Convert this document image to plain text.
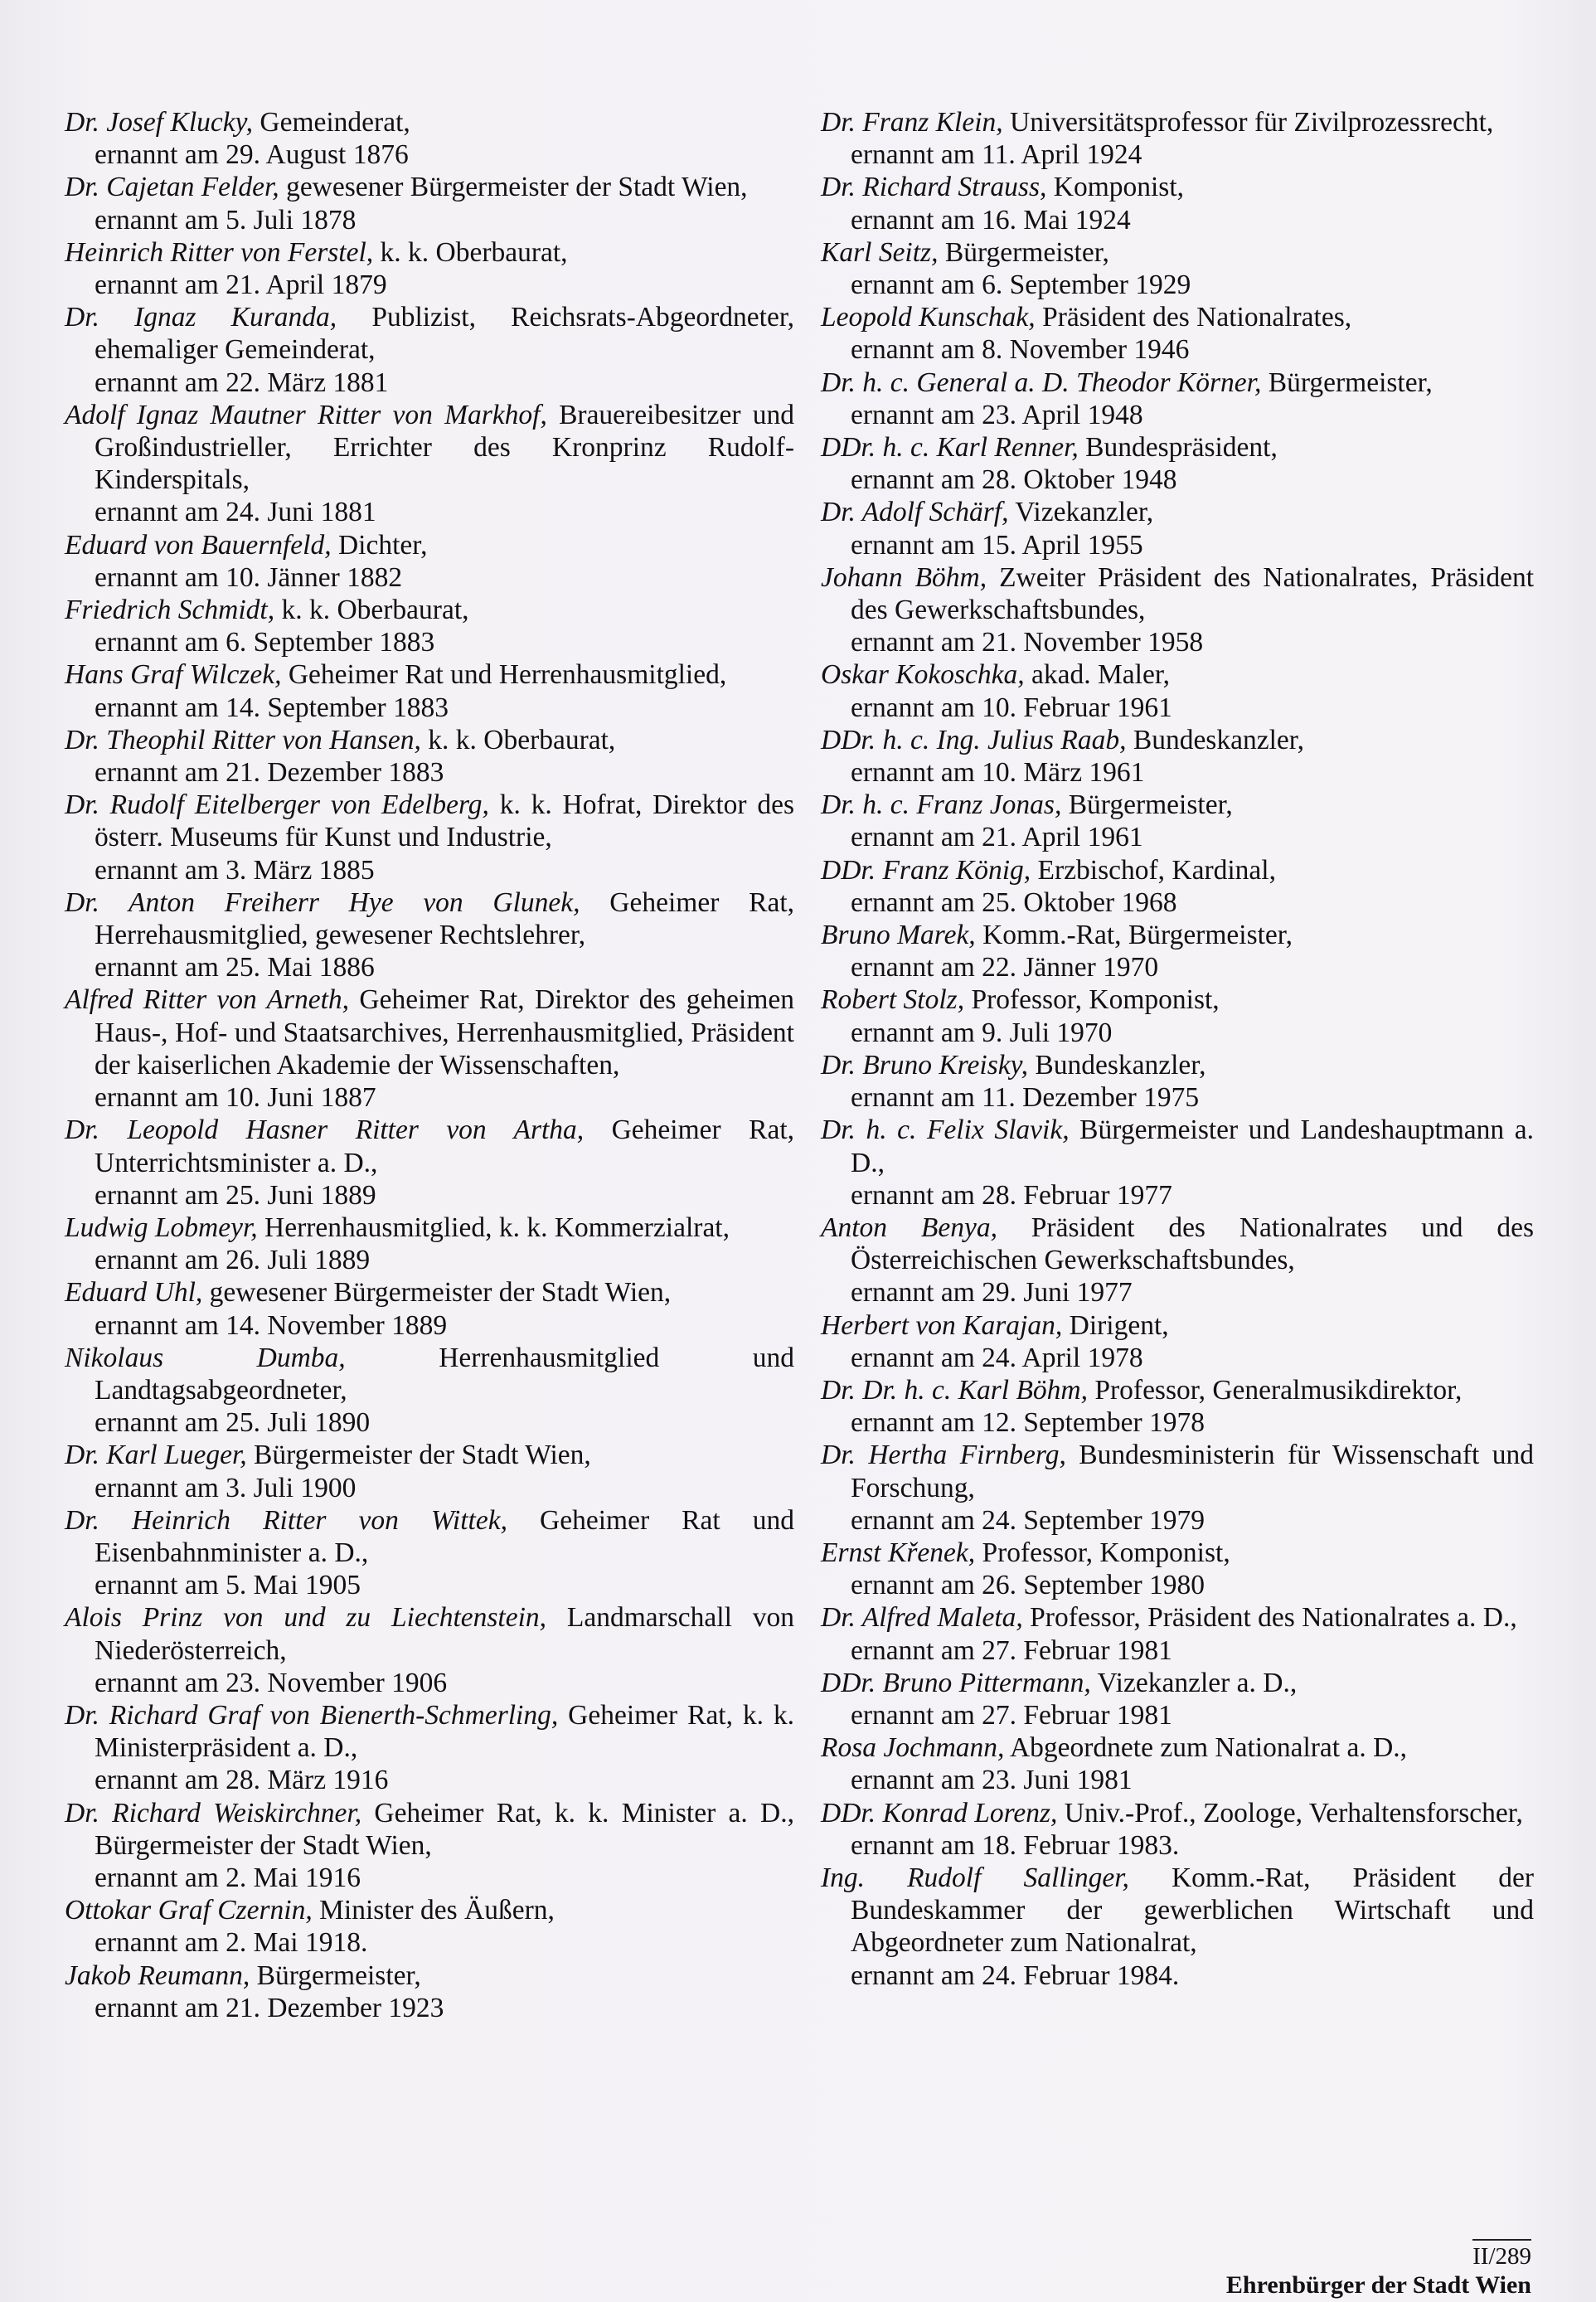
Dr. Josef Klucky, Gemeinderat,

ernannt am 29. August 1876

Dr. Cajetan Felder, gewesener Bürgermeister der Stadt Wien,

ernannt am 5. Juli 1878

Heinrich Ritter von Ferstel, k. k. Oberbaurat,

ernannt am 21. April 1879

Dr. Ignaz Kuranda, Publizist, Reichsrats-Abgeordneter, ehemaliger Gemeinderat,

ernannt am 22. März 1881

Adolf Ignaz Mautner Ritter von Markhof, Brauereibesitzer und Großindustrieller, Errichter des Kronprinz Rudolf-Kinderspitals,

ernannt am 24. Juni 1881

Eduard von Bauernfeld, Dichter,

ernannt am 10. Jänner 1882

Friedrich Schmidt, k. k. Oberbaurat,

ernannt am 6. September 1883

Hans Graf Wilczek, Geheimer Rat und Herrenhausmitglied,

ernannt am 14. September 1883

Dr. Theophil Ritter von Hansen, k. k. Oberbaurat,

ernannt am 21. Dezember 1883

Dr. Rudolf Eitelberger von Edelberg, k. k. Hofrat, Direktor des österr. Museums für Kunst und Industrie,

ernannt am 3. März 1885

Dr. Anton Freiherr Hye von Glunek, Geheimer Rat, Herrehausmitglied, gewesener Rechtslehrer,

ernannt am 25. Mai 1886

Alfred Ritter von Arneth, Geheimer Rat, Direktor des geheimen Haus-, Hof- und Staatsarchives, Herrenhausmitglied, Präsident der kaiserlichen Akademie der Wissenschaften,

ernannt am 10. Juni 1887

Dr. Leopold Hasner Ritter von Artha, Geheimer Rat, Unterrichtsminister a. D.,

ernannt am 25. Juni 1889

Ludwig Lobmeyr, Herrenhausmitglied, k. k. Kommerzialrat,

ernannt am 26. Juli 1889

Eduard Uhl, gewesener Bürgermeister der Stadt Wien,

ernannt am 14. November 1889

Nikolaus Dumba,	Herrenhausmitglied und Landtagsabgeordneter,

ernannt am 25. Juli 1890

Dr. Karl Lueger, Bürgermeister der Stadt Wien,

ernannt am 3. Juli 1900

Dr. Heinrich Ritter von Wittek, Geheimer Rat und Eisenbahnminister a. D.,

ernannt am 5. Mai 1905

Alois Prinz von und zu Liechtenstein, Landmarschall von Niederösterreich,

ernannt am 23. November 1906

Dr. Richard Graf von Bienerth-Schmerling, Geheimer Rat, k. k. Ministerpräsident a. D.,

ernannt am 28. März 1916

Dr. Richard Weiskirchner, Geheimer Rat, k. k. Minister a. D., Bürgermeister der Stadt Wien,

ernannt am 2. Mai 1916

Ottokar Graf Czernin, Minister des Äußern,

ernannt am 2. Mai 1918.

Jakob Reumann, Bürgermeister,

ernannt am 21. Dezember 1923

Dr. Franz Klein, Universitätsprofessor für Zivilprozessrecht,

ernannt am 11. April 1924

Dr. Richard Strauss, Komponist,

ernannt am 16. Mai 1924

Karl Seitz, Bürgermeister,

ernannt am 6. September 1929

Leopold Kunschak, Präsident des Nationalrates,

ernannt am 8. November 1946

Dr. h. c. General a. D. Theodor Körner, Bürgermeister,

ernannt am 23. April 1948

DDr. h. c. Karl Renner, Bundespräsident,

ernannt am 28. Oktober 1948

Dr. Adolf Schärf, Vizekanzler,

ernannt am 15. April 1955

Johann Böhm, Zweiter Präsident des Nationalrates, Präsident des Gewerkschaftsbundes,

ernannt am 21. November 1958

Oskar Kokoschka, akad. Maler,

ernannt am 10. Februar 1961

DDr. h. c. Ing. Julius Raab, Bundeskanzler,

ernannt am 10. März 1961

Dr. h. c. Franz Jonas, Bürgermeister,

ernannt am 21. April 1961

DDr. Franz König, Erzbischof, Kardinal,

ernannt am 25. Oktober 1968

Bruno Marek, Komm.-Rat, Bürgermeister,

ernannt am 22. Jänner 1970

Robert Stolz, Professor, Komponist,

ernannt am 9. Juli 1970

Dr. Bruno Kreisky, Bundeskanzler,

ernannt am 11. Dezember 1975

Dr. h. c. Felix Slavik, Bürgermeister und Landeshauptmann a. D.,

ernannt am 28. Februar 1977

Anton Benya, Präsident des Nationalrates und des Österreichischen Gewerkschaftsbundes,

ernannt am 29. Juni 1977

Herbert von Karajan, Dirigent,

ernannt am 24. April 1978

Dr. Dr. h. c. Karl Böhm, Professor, Generalmusikdirektor,

ernannt am 12. September 1978

Dr. Hertha Firnberg, Bundesministerin für Wissenschaft und Forschung,

ernannt am 24. September 1979

Ernst Křenek, Professor, Komponist,

ernannt am 26. September 1980

Dr. Alfred Maleta, Professor, Präsident des Nationalrates a. D.,

ernannt am 27. Februar 1981

DDr. Bruno Pittermann, Vizekanzler a. D.,

ernannt am 27. Februar 1981

Rosa Jochmann, Abgeordnete zum Nationalrat a. D.,

ernannt am 23. Juni 1981

DDr. Konrad Lorenz, Univ.-Prof., Zoologe, Verhaltensforscher,

ernannt am 18. Februar 1983.

Ing. Rudolf Sallinger, Komm.-Rat, Präsident der Bundeskammer der gewerblichen Wirtschaft und Abgeordneter zum Nationalrat,

ernannt am 24. Februar 1984.

II/289
Ehrenbürger der Stadt Wien
